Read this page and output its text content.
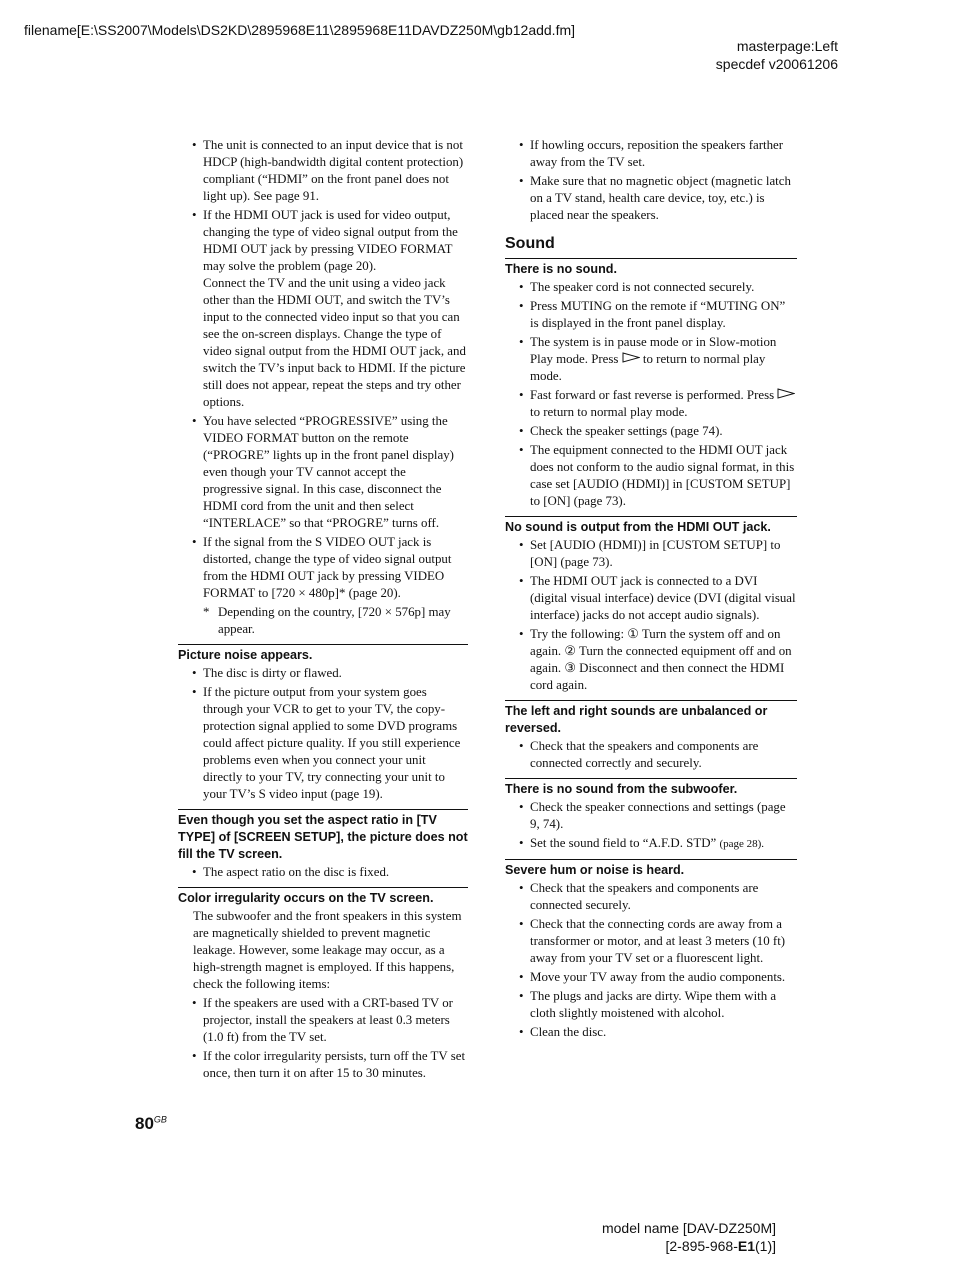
filename[E:\SS2007\Models\DS2KD\2895968E11\2895968E11DAVDZ250M\gb12add.fm]
masterpage:Left
specdef v20061206
• The unit is connected to an input device that is not HDCP (high-bandwidth digital content protection) compliant (“HDMI” on the front panel does not light up). See page 91.
• If the HDMI OUT jack is used for video output, changing the type of video signal output from the HDMI OUT jack by pressing VIDEO FORMAT may solve the problem (page 20).
Connect the TV and the unit using a video jack other than the HDMI OUT, and switch the TV’s input to the connected video input so that you can see the on-screen displays. Change the type of video signal output from the HDMI OUT jack, and switch the TV’s input back to HDMI. If the picture still does not appear, repeat the steps and try other options.
• You have selected “PROGRESSIVE” using the VIDEO FORMAT button on the remote (“PROGRE” lights up in the front panel display) even though your TV cannot accept the progressive signal. In this case, disconnect the HDMI cord from the unit and then select “INTERLACE” so that “PROGRE” turns off.
• If the signal from the S VIDEO OUT jack is distorted, change the type of video signal output from the HDMI OUT jack by pressing VIDEO FORMAT to [720 × 480p]* (page 20).
* Depending on the country, [720 × 576p] may appear.
Picture noise appears.
• The disc is dirty or flawed.
• If the picture output from your system goes through your VCR to get to your TV, the copy-protection signal applied to some DVD programs could affect picture quality. If you still experience problems even when you connect your unit directly to your TV, try connecting your unit to your TV’s S video input (page 19).
Even though you set the aspect ratio in [TV TYPE] of [SCREEN SETUP], the picture does not fill the TV screen.
• The aspect ratio on the disc is fixed.
Color irregularity occurs on the TV screen.
The subwoofer and the front speakers in this system are magnetically shielded to prevent magnetic leakage. However, some leakage may occur, as a high-strength magnet is employed. If this happens, check the following items:
• If the speakers are used with a CRT-based TV or projector, install the speakers at least 0.3 meters (1.0 ft) from the TV set.
• If the color irregularity persists, turn off the TV set once, then turn it on after 15 to 30 minutes.
• If howling occurs, reposition the speakers farther away from the TV set.
• Make sure that no magnetic object (magnetic latch on a TV stand, health care device, toy, etc.) is placed near the speakers.
Sound
There is no sound.
• The speaker cord is not connected securely.
• Press MUTING on the remote if “MUTING ON” is displayed in the front panel display.
• The system is in pause mode or in Slow-motion Play mode. Press to return to normal play mode.
• Fast forward or fast reverse is performed. Press  to return to normal play mode.
• Check the speaker settings (page 74).
• The equipment connected to the HDMI OUT jack does not conform to the audio signal format, in this case set [AUDIO (HDMI)] in [CUSTOM SETUP] to [ON] (page 73).
No sound is output from the HDMI OUT jack.
• Set [AUDIO (HDMI)] in [CUSTOM SETUP] to [ON] (page 73).
• The HDMI OUT jack is connected to a DVI (digital visual interface) device (DVI (digital visual interface) jacks do not accept audio signals).
• Try the following: ① Turn the system off and on again. ② Turn the connected equipment off and on again. ③ Disconnect and then connect the HDMI cord again.
The left and right sounds are unbalanced or reversed.
• Check that the speakers and components are connected correctly and securely.
There is no sound from the subwoofer.
• Check the speaker connections and settings (page 9, 74).
• Set the sound field to “A.F.D. STD” (page 28).
Severe hum or noise is heard.
• Check that the speakers and components are connected securely.
• Check that the connecting cords are away from a transformer or motor, and at least 3 meters (10 ft) away from your TV set or a fluorescent light.
• Move your TV away from the audio components.
• The plugs and jacks are dirty. Wipe them with a cloth slightly moistened with alcohol.
• Clean the disc.
$80^{GB}$
model name [DAV-DZ250M]
[2-895-968-E1(1)]
